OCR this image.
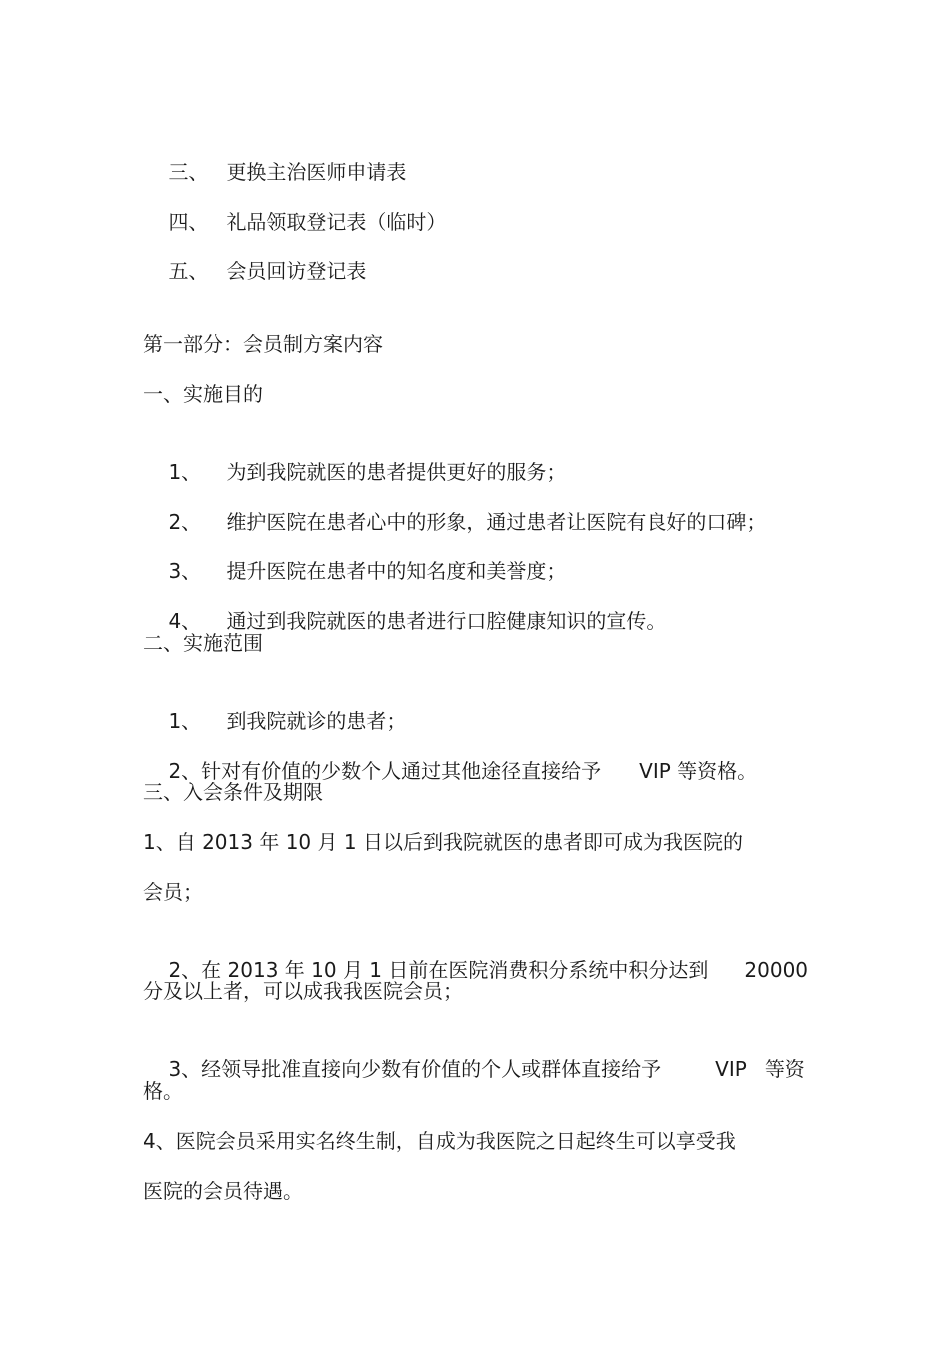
三、 更换主治医师申请表

四、 礼品领取登记表（临时）

五、 会员回访登记表

第一部分：会员制方案内容
一、实施目的

1、 为到我院就医的患者提供更好的服务；

2、 维护医院在患者心中的形象，通过患者让医院有良好的口碑；

3、 提升医院在患者中的知名度和美誉度；

4、 通过到我院就医的患者进行口腔健康知识的宣传。

二、实施范围

1、 到我院就诊的患者；

2、针对有价值的少数个人通过其他途径直接给予 VIP 等资格。

三、入会条件及期限
1、自 2013 年 10 月 1 日以后到我院就医的患者即可成为我医院的
会员；

2、在 2013 年 10 月 1 日前在医院消费积分系统中积分达到 20000

分及以上者，可以成我我医院会员；

3、经领导批准直接向少数有价值的个人或群体直接给予	VIP 等资

格。
4、医院会员采用实名终生制，自成为我医院之日起终生可以享受我
医院的会员待遇。
